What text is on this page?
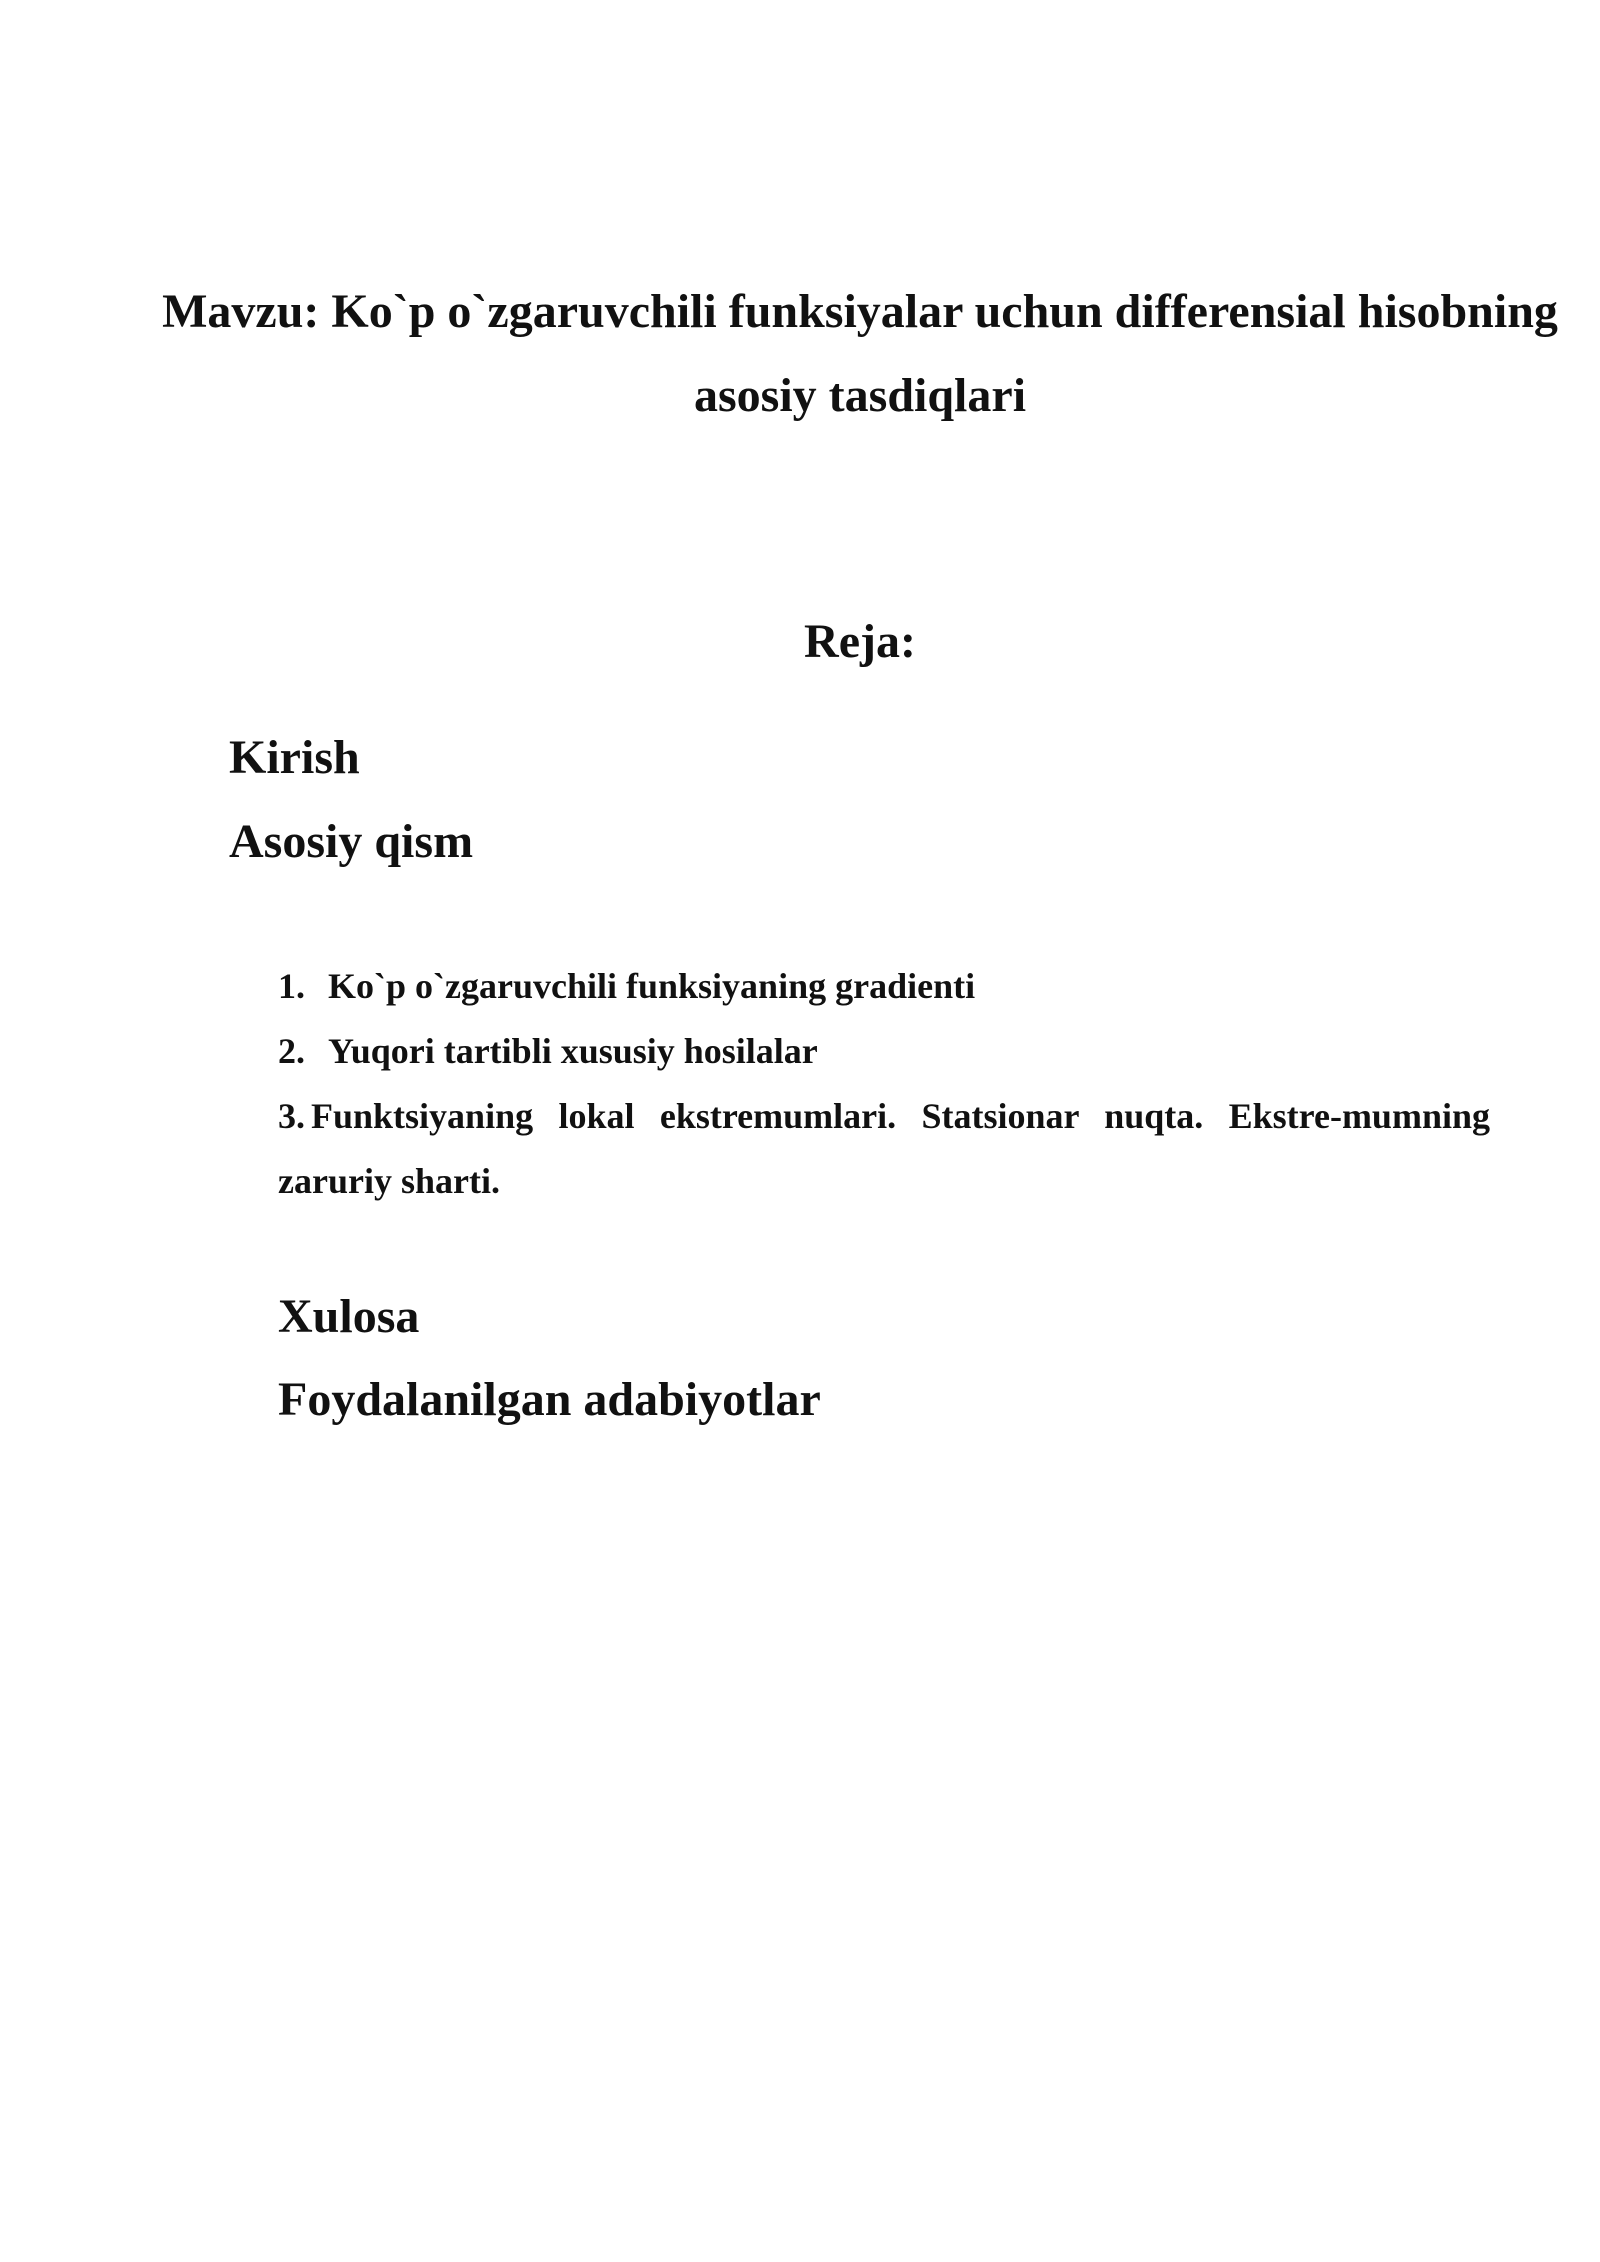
Mavzu: Ko`p o`zgaruvchili funksiyalar uchun differensial hisobning asosiy tasdiqlari
Reja:
Kirish
Asosiy qism
1. Ko`p o`zgaruvchili funksiyaning gradienti
2. Yuqori tartibli xususiy hosilalar
3. Funktsiyaning lokal ekstremumlari. Statsionar nuqta. Ekstre-mumning zaruriy sharti.
Xulosa
Foydalanilgan adabiyotlar
